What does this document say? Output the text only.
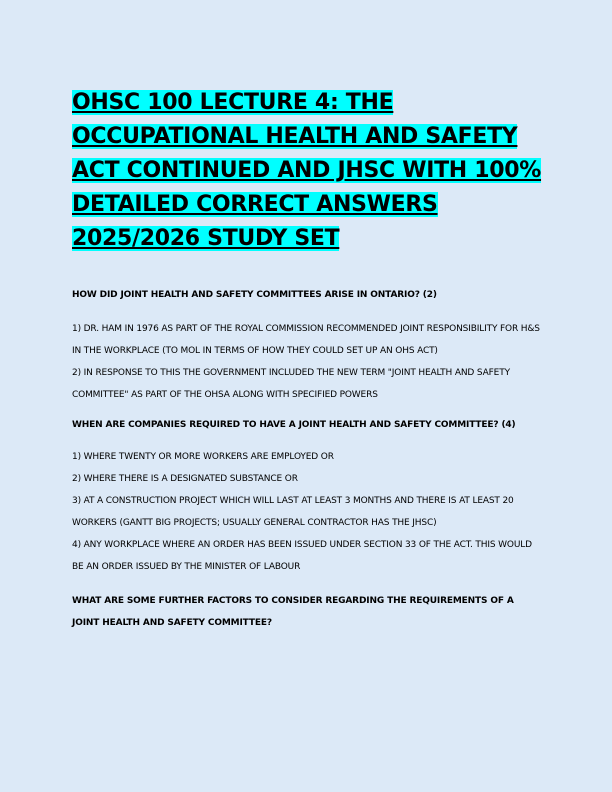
OHSC 100 LECTURE 4: THE OCCUPATIONAL HEALTH AND SAFETY ACT CONTINUED AND JHSC WITH 100% DETAILED CORRECT ANSWERS 2025/2026 STUDY SET

HOW DID JOINT HEALTH AND SAFETY COMMITTEES ARISE IN ONTARIO? (2)

1) DR. HAM IN 1976 AS PART OF THE ROYAL COMMISSION RECOMMENDED JOINT RESPONSIBILITY FOR H&S IN THE WORKPLACE (TO MOL IN TERMS OF HOW THEY COULD SET UP AN OHS ACT)

2) IN RESPONSE TO THIS THE GOVERNMENT INCLUDED THE NEW TERM "JOINT HEALTH AND SAFETY COMMITTEE" AS PART OF THE OHSA ALONG WITH SPECIFIED POWERS

WHEN ARE COMPANIES REQUIRED TO HAVE A JOINT HEALTH AND SAFETY COMMITTEE? (4)

1) WHERE TWENTY OR MORE WORKERS ARE EMPLOYED OR

2) WHERE THERE IS A DESIGNATED SUBSTANCE OR

3) AT A CONSTRUCTION PROJECT WHICH WILL LAST AT LEAST 3 MONTHS AND THERE IS AT LEAST 20 WORKERS (GANTT BIG PROJECTS; USUALLY GENERAL CONTRACTOR HAS THE JHSC)

4) ANY WORKPLACE WHERE AN ORDER HAS BEEN ISSUED UNDER SECTION 33 OF THE ACT. THIS WOULD BE AN ORDER ISSUED BY THE MINISTER OF LABOUR

WHAT ARE SOME FURTHER FACTORS TO CONSIDER REGARDING THE REQUIREMENTS OF A JOINT HEALTH AND SAFETY COMMITTEE?
